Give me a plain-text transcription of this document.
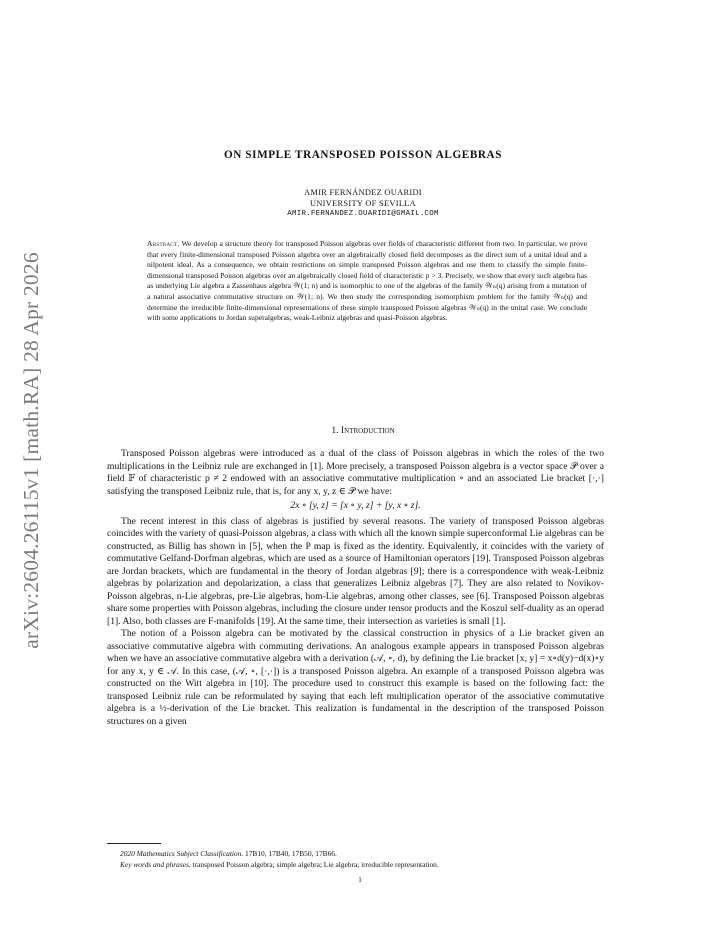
arXiv:2604.26115v1 [math.RA] 28 Apr 2026
ON SIMPLE TRANSPOSED POISSON ALGEBRAS
AMIR FERNÁNDEZ OUARIDI
UNIVERSITY OF SEVILLA
AMIR.FERNANDEZ.OUARIDI@GMAIL.COM
Abstract. We develop a structure theory for transposed Poisson algebras over fields of characteristic different from two. In particular, we prove that every finite-dimensional transposed Poisson algebra over an algebraically closed field decomposes as the direct sum of a unital ideal and a nilpotent ideal. As a consequence, we obtain restrictions on simple transposed Poisson algebras and use them to classify the simple finite-dimensional transposed Poisson algebras over an algebraically closed field of characteristic p > 3. Precisely, we show that every such algebra has as underlying Lie algebra a Zassenhaus algebra 𝒲(1; n) and is isomorphic to one of the algebras of the family 𝒲ₙ(q) arising from a mutation of a natural associative commutative structure on 𝒲(1; n). We then study the corresponding isomorphism problem for the family 𝒲ₙ(q) and determine the irreducible finite-dimensional representations of these simple transposed Poisson algebras 𝒲ₙ(q) in the unital case. We conclude with some applications to Jordan superalgebras, weak-Leibniz algebras and quasi-Poisson algebras.
1. Introduction

Transposed Poisson algebras were introduced as a dual of the class of Poisson algebras in which the roles of the two multiplications in the Leibniz rule are exchanged in [1]. More precisely, a transposed Poisson algebra is a vector space 𝒫 over a field 𝔽 of characteristic p ≠ 2 endowed with an associative commutative multiplication ∘ and an associated Lie bracket [·,·] satisfying the transposed Leibniz rule, that is, for any x, y, z ∈ 𝒫 we have:

2x ∘ [y, z] = [x ∘ y, z] + [y, x ∘ z].

The recent interest in this class of algebras is justified by several reasons. The variety of transposed Poisson algebras coincides with the variety of quasi-Poisson algebras, a class with which all the known simple superconformal Lie algebras can be constructed, as Billig has shown in [5], when the P map is fixed as the identity. Equivalently, it coincides with the variety of commutative Gelfand-Dorfman algebras, which are used as a source of Hamiltonian operators [19]. Transposed Poisson algebras are Jordan brackets, which are fundamental in the theory of Jordan algebras [9]; there is a correspondence with weak-Leibniz algebras by polarization and depolarization, a class that generalizes Leibniz algebras [7]. They are also related to Novikov-Poisson algebras, n-Lie algebras, pre-Lie algebras, hom-Lie algebras, among other classes, see [6]. Transposed Poisson algebras share some properties with Poisson algebras, including the closure under tensor products and the Koszul self-duality as an operad [1]. Also, both classes are F-manifolds [19]. At the same time, their intersection as varieties is small [1].

The notion of a Poisson algebra can be motivated by the classical construction in physics of a Lie bracket given an associative commutative algebra with commuting derivations. An analogous example appears in transposed Poisson algebras when we have an associative commutative algebra with a derivation (𝒜, ∘, d), by defining the Lie bracket [x, y] = x∘d(y)−d(x)∘y for any x, y ∈ 𝒜. In this case, (𝒜, ∘, [·,·]) is a transposed Poisson algebra. An example of a transposed Poisson algebra was constructed on the Witt algebra in [10]. The procedure used to construct this example is based on the following fact: the transposed Leibniz rule can be reformulated by saying that each left multiplication operator of the associative commutative algebra is a ½-derivation of the Lie bracket. This realization is fundamental in the description of the transposed Poisson structures on a given

2020 Mathematics Subject Classification. 17B10, 17B40, 17B50, 17B66.
Key words and phrases. transposed Poisson algebra; simple algebra; Lie algebra; irreducible representation.
1
